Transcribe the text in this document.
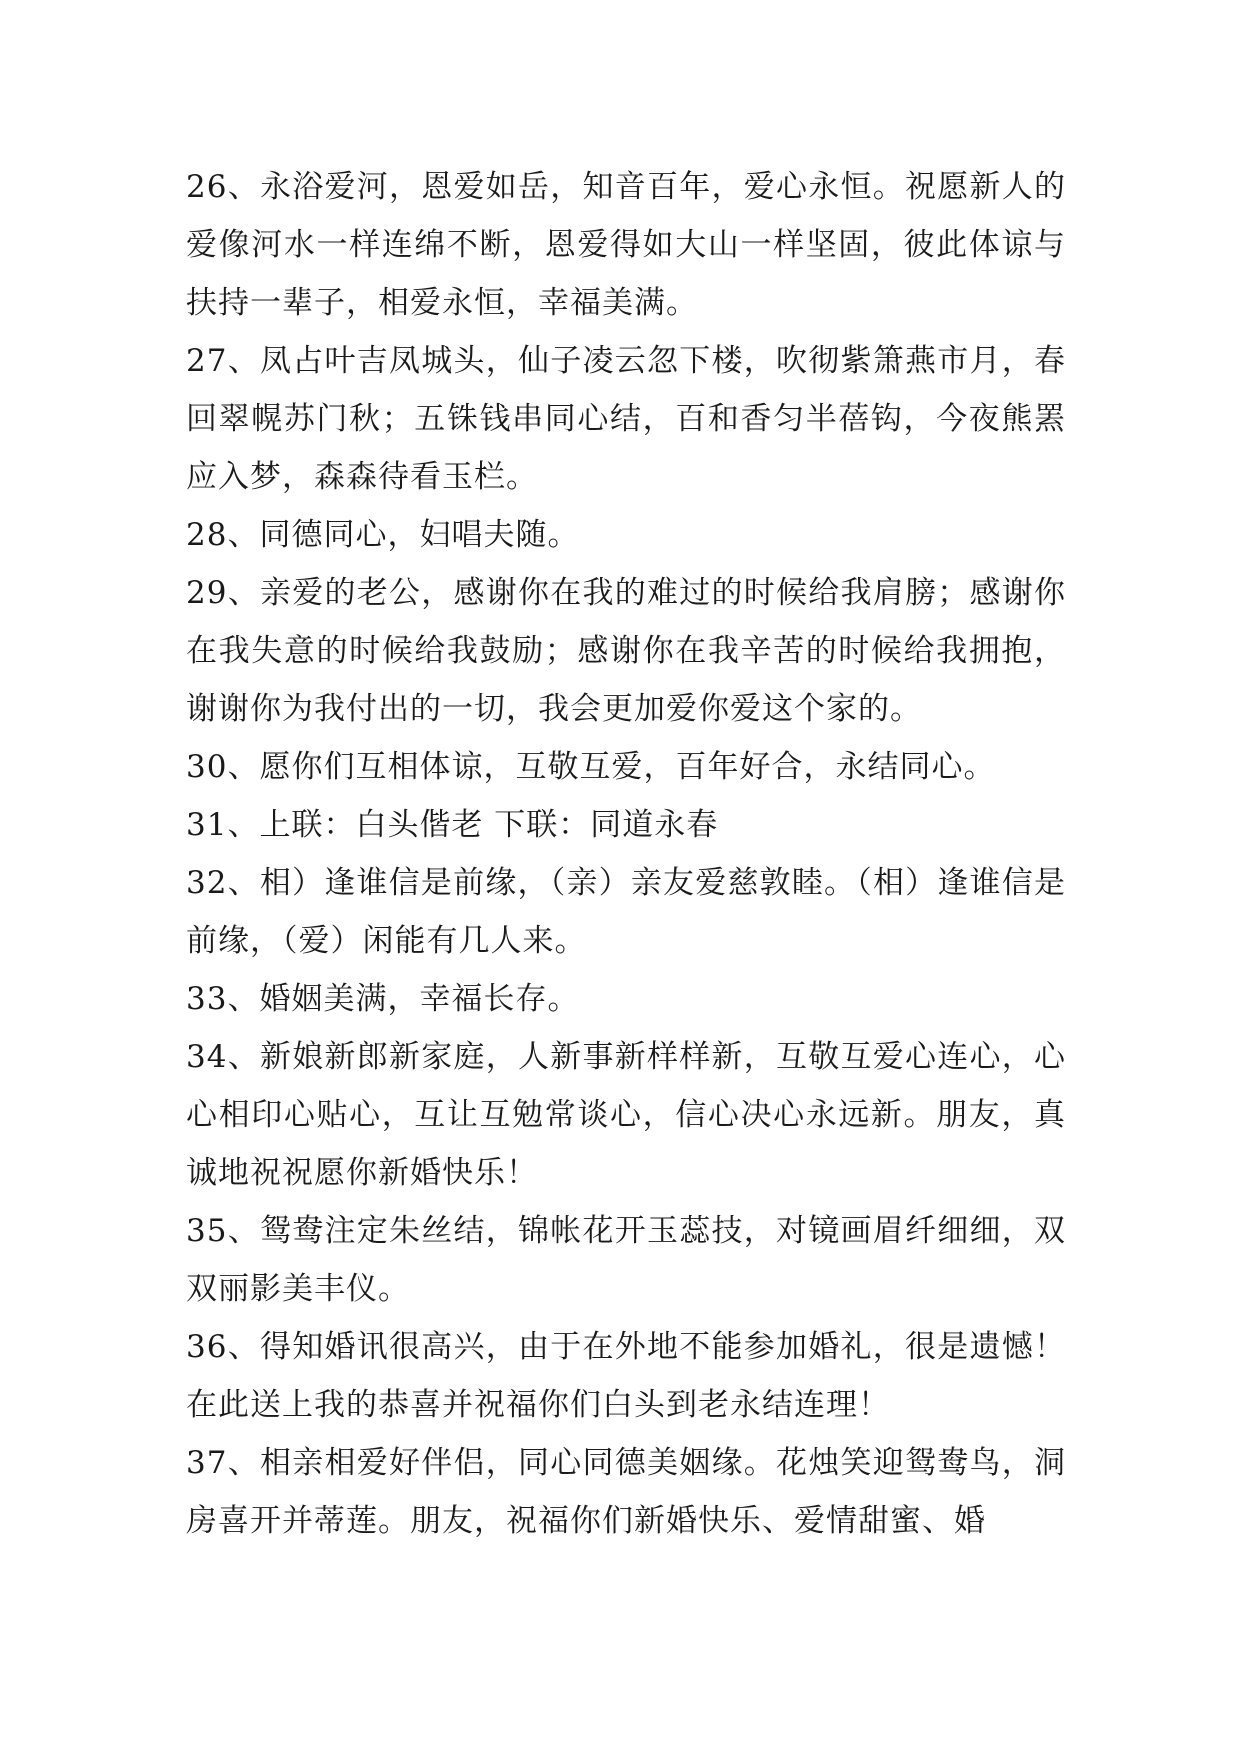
26、永浴爱河，恩爱如岳，知音百年，爱心永恒。祝愿新人的爱像河水一样连绵不断，恩爱得如大山一样坚固，彼此体谅与扶持一辈子，相爱永恒，幸福美满。

27、凤占叶吉凤城头，仙子凌云忽下楼，吹彻紫箫燕市月，春回翠幌苏门秋；五铢钱串同心结，百和香匀半蓓钩，今夜熊罴应入梦，森森待看玉栏。

28、同德同心，妇唱夫随。

29、亲爱的老公，感谢你在我的难过的时候给我肩膀；感谢你在我失意的时候给我鼓励；感谢你在我辛苦的时候给我拥抱，谢谢你为我付出的一切，我会更加爱你爱这个家的。

30、愿你们互相体谅，互敬互爱，百年好合，永结同心。

31、上联：白头偕老 下联：同道永春

32、相）逢谁信是前缘，（亲）亲友爱慈敦睦。（相）逢谁信是前缘，（爱）闲能有几人来。

33、婚姻美满，幸福长存。

34、新娘新郎新家庭，人新事新样样新，互敬互爱心连心，心心相印心贴心，互让互勉常谈心，信心决心永远新。朋友，真诚地祝祝愿你新婚快乐！

35、鸳鸯注定朱丝结，锦帐花开玉蕊技，对镜画眉纤细细，双双丽影美丰仪。

36、得知婚讯很高兴，由于在外地不能参加婚礼，很是遗憾！在此送上我的恭喜并祝福你们白头到老永结连理！

37、相亲相爱好伴侣，同心同德美姻缘。花烛笑迎鸳鸯鸟，洞房喜开并蒂莲。朋友，祝福你们新婚快乐、爱情甜蜜、婚
